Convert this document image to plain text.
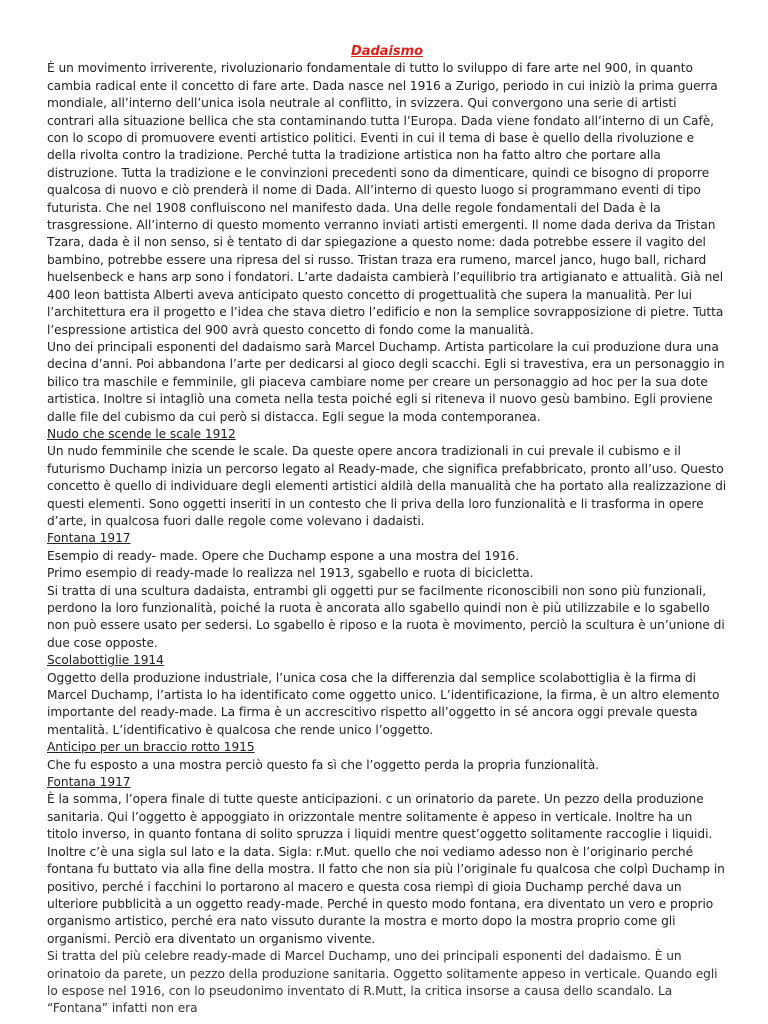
Dadaismo

È un movimento irriverente, rivoluzionario fondamentale di tutto lo sviluppo di fare arte nel 900, in quanto cambia radical ente il concetto di fare arte. Dada nasce nel 1916 a Zurigo, periodo in cui iniziò la prima guerra mondiale, all’interno dell’unica isola neutrale al conflitto, in svizzera. Qui convergono una serie di artisti contrari alla situazione bellica che sta contaminando tutta l’Europa. Dada viene fondato all’interno di un Cafè, con lo scopo di promuovere eventi artistico politici. Eventi in cui il tema di base è quello della rivoluzione e della rivolta contro la tradizione. Perché tutta la tradizione artistica non ha fatto altro che portare alla distruzione. Tutta la tradizione e le convinzioni precedenti sono da dimenticare, quindi ce bisogno di proporre qualcosa di nuovo e ciò prenderà il nome di Dada. All’interno di questo luogo si programmano eventi di tipo futurista. Che nel 1908 confluiscono nel manifesto dada. Una delle regole fondamentali del Dada è la trasgressione. All’interno di questo momento verranno inviati artisti emergenti. Il nome dada deriva da Tristan Tzara, dada è il non senso, si è tentato di dar spiegazione a questo nome: dada potrebbe essere il vagito del bambino, potrebbe essere una ripresa del si russo. Tristan traza era rumeno, marcel janco, hugo ball, richard huelsenbeck e hans arp sono i fondatori. L’arte dadaista cambierà l’equilibrio tra artigianato e attualità. Già nel 400 leon battista Alberti aveva anticipato questo concetto di progettualità che supera la manualità. Per lui l’architettura era il progetto e l’idea che stava dietro l’edificio e non la semplice sovrapposizione di pietre. Tutta l’espressione artistica del 900 avrà questo concetto di fondo come la manualità.

Uno dei principali esponenti del dadaismo sarà Marcel Duchamp. Artista particolare la cui produzione dura una decina d’anni. Poi abbandona l’arte per dedicarsi al gioco degli scacchi. Egli si travestiva, era un personaggio in bilico tra maschile e femminile, gli piaceva cambiare nome per creare un personaggio ad hoc per la sua dote artistica. Inoltre si intagliò una cometa nella testa poiché egli si riteneva il nuovo gesù bambino. Egli proviene dalle file del cubismo da cui però si distacca. Egli segue la moda contemporanea.

Nudo che scende le scale 1912

Un nudo femminile che scende le scale. Da queste opere ancora tradizionali in cui prevale il cubismo e il futurismo Duchamp inizia un percorso legato al Ready-made, che significa prefabbricato, pronto all’uso. Questo concetto è quello di individuare degli elementi artistici aldilà della manualità che ha portato alla realizzazione di questi elementi. Sono oggetti inseriti in un contesto che li priva della loro funzionalità e li trasforma in opere d’arte, in qualcosa fuori dalle regole come volevano i dadaisti.

Fontana 1917

Esempio di ready- made. Opere che Duchamp espone a una mostra del 1916.

Primo esempio di ready-made lo realizza nel 1913, sgabello e ruota di bicicletta.

Si tratta di una scultura dadaista, entrambi gli oggetti pur se facilmente riconoscibili non sono più funzionali, perdono la loro funzionalità, poiché la ruota è ancorata allo sgabello quindi non è più utilizzabile e lo sgabello non può essere usato per sedersi. Lo sgabello è riposo e la ruota è movimento, perciò la scultura è un’unione di due cose opposte.

Scolabottiglie 1914

Oggetto della produzione industriale, l’unica cosa che la differenzia dal semplice scolabottiglia è la firma di Marcel Duchamp, l’artista lo ha identificato come oggetto unico. L’identificazione, la firma, è un altro elemento importante del ready-made. La firma è un accrescitivo rispetto all’oggetto in sé ancora oggi prevale questa mentalità. L’identificativo è qualcosa che rende unico l’oggetto.

Anticipo per un braccio rotto 1915

Che fu esposto a una mostra perciò questo fa sì che l’oggetto perda la propria funzionalità.

Fontana 1917

È la somma, l’opera finale di tutte queste anticipazioni. c un orinatorio da parete. Un pezzo della produzione sanitaria. Qui l’oggetto è appoggiato in orizzontale mentre solitamente è appeso in verticale. Inoltre ha un titolo inverso, in quanto fontana di solito spruzza i liquidi mentre quest’oggetto solitamente raccoglie i liquidi. Inoltre c’è una sigla sul lato e la data. Sigla: r.Mut. quello che noi vediamo adesso non è l’originario perché fontana fu buttato via alla fine della mostra. Il fatto che non sia più l’originale fu qualcosa che colpì Duchamp in positivo, perché i facchini lo portarono al macero e questa cosa riempì di gioia Duchamp perché dava un ulteriore pubblicità a un oggetto ready-made. Perché in questo modo fontana, era diventato un vero e proprio organismo artistico, perché era nato vissuto durante la mostra e morto dopo la mostra proprio come gli organismi. Perciò era diventato un organismo vivente.

Si tratta del più celebre ready-made di Marcel Duchamp, uno dei principali esponenti del dadaismo. È un orinatoio da parete, un pezzo della produzione sanitaria. Oggetto solitamente appeso in verticale. Quando egli lo espose nel 1916, con lo pseudonimo inventato di R.Mutt, la critica insorse a causa dello scandalo. La “Fontana” infatti non era
